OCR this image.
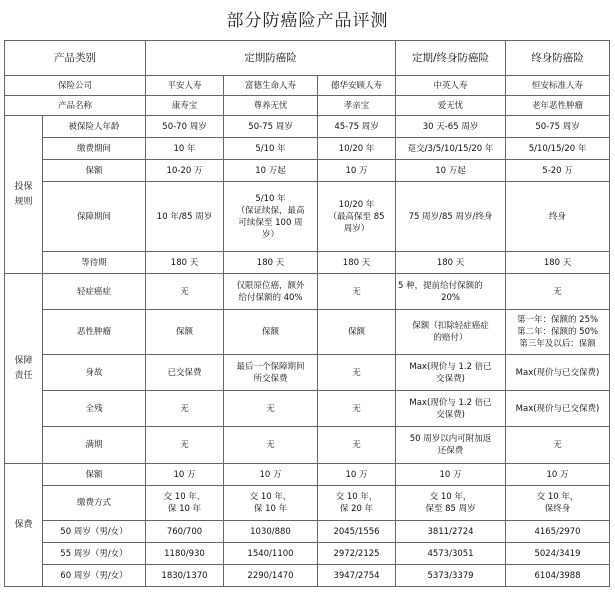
部分防癌险产品评测
产品类别		定期防癌险			定期/终身防癌险	终身防癌险
保险公司		平安人寿	富德生命人寿	德华安顾人寿	中英人寿	恒安标准人寿
产品名称		康寿宝	尊养无忧	孝亲宝	爱无忧	老年恶性肿瘤

投保
规则	被保险人年龄	50-70 周岁	50-75 周岁	45-75 周岁	30 天-65 周岁	50-75 周岁
	缴费期间	10 年	5/10 年	10/20 年	趸交/3/5/10/15/20 年	5/10/15/20 年
	保额	10-20 万	10 万起	10 万	10 万起	5-20 万
	保障期间	10 年/85 周岁	5/10 年
（保证续保，最高
可续保至 100 周
岁）	10/20 年
（最高保至 85
周岁）	75 周岁/85 周岁/终身	终身
	等待期	180 天	180 天	180 天	180 天	180 天

保障
责任	轻症癌症	无	仅限原位癌，额外
给付保额的 40%	无	5 种，提前给付保额的
20%	无
	恶性肿瘤	保额	保额	保额	保额（扣除轻症癌症
的赔付）	第一年：保额的 25%
第二年：保额的 50%
第三年及以后：保额

	身故	已交保费	最后一个保障期间
所交保费	无	Max(现价与 1.2 倍已
交保费)	Max(现价与已交保费)
	全残	无	无	无	Max(现价与 1.2 倍已
交保费)	Max(现价与已交保费)
	满期	无	无	无	50 周岁以内可附加返
还保费	无
保费	保额	10 万	10 万	10 万	10 万	10 万
	缴费方式	交 10 年，
保 10 年	交 10 年，
保 10 年	交 10 年，
保 20 年	交 10 年，
保至 85 周岁	交 10 年，
保终身

	50 周岁（男/女）	760/700	1030/880	2045/1556	3811/2724	4165/2970
	55 周岁（男/女）	1180/930	1540/1100	2972/2125	4573/3051	5024/3419
	60 周岁（男/女）	1830/1370	2290/1470	3947/2754	5373/3379	6104/3988
